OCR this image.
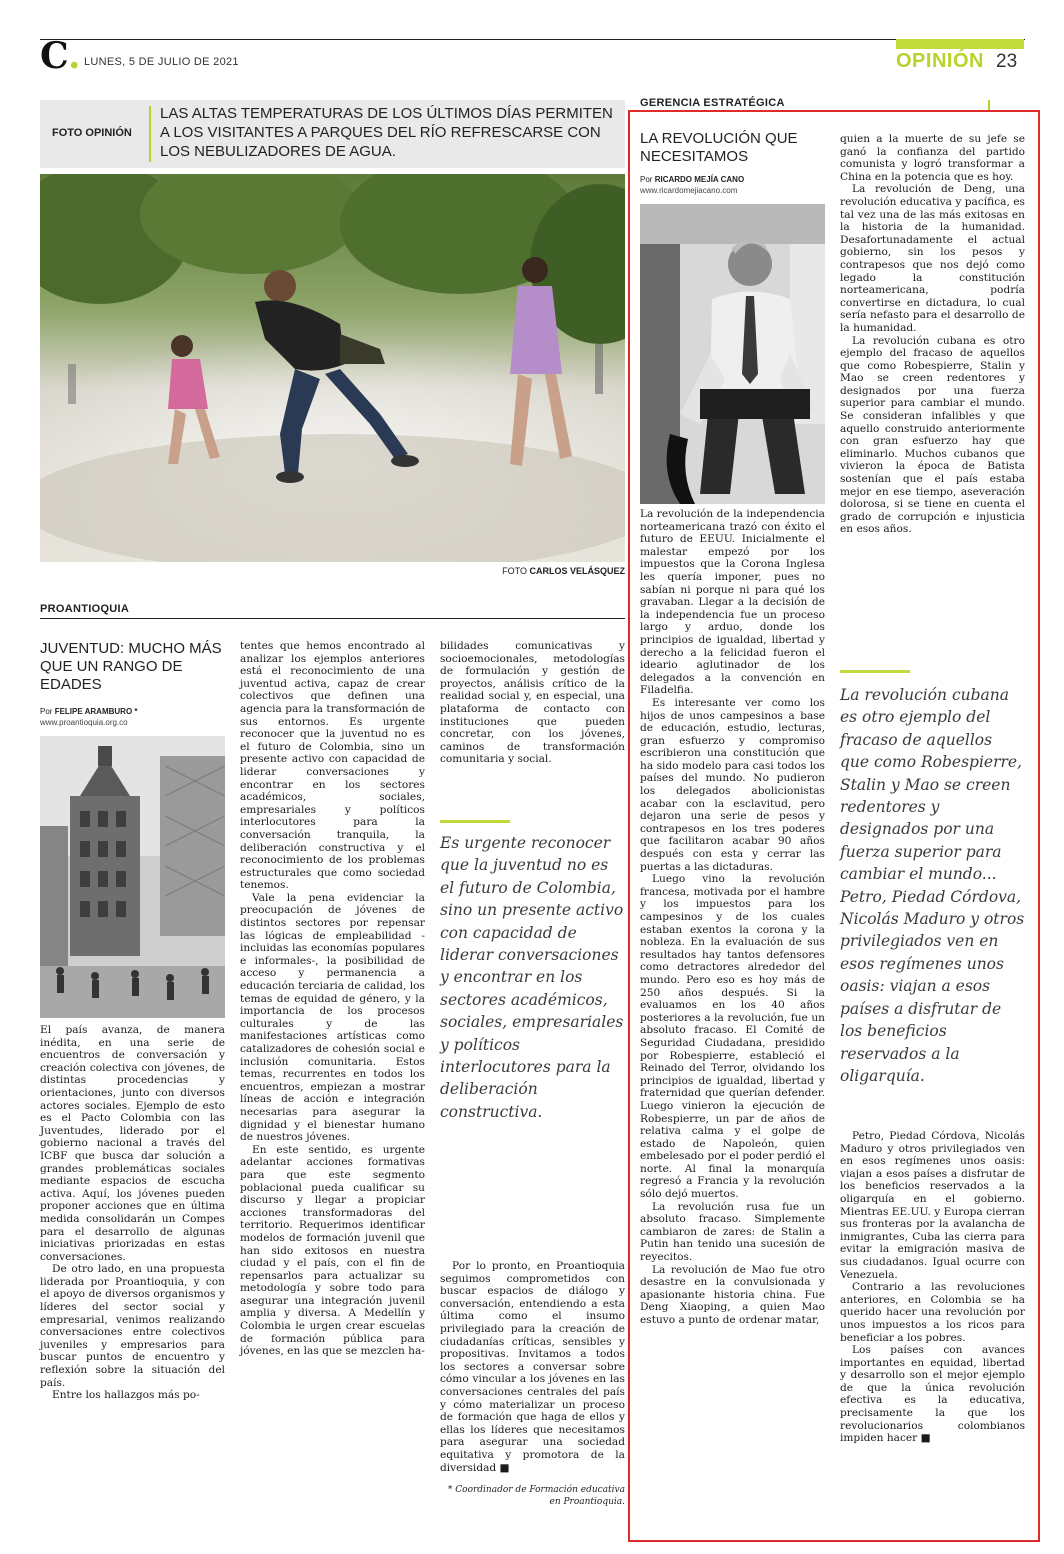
C. LUNES, 5 DE JULIO DE 2021	OPINIÓN 23
FOTO OPINIÓN
LAS ALTAS TEMPERATURAS DE LOS ÚLTIMOS DÍAS PERMITEN A LOS VISITANTES A PARQUES DEL RÍO REFRESCARSE CON LOS NEBULIZADORES DE AGUA.
FOTO CARLOS VELÁSQUEZ
PROANTIOQUIA
JUVENTUD: MUCHO MÁS QUE UN RANGO DE EDADES
Por FELIPE ARAMBURO *
www.proantioquia.org.co

El país avanza, de manera inédita, en una serie de encuentros de conversación y creación colectiva con jóvenes, de distintas procedencias y orientaciones, junto con diversos actores sociales. Ejemplo de esto es el Pacto Colombia con las Juventudes, liderado por el gobierno nacional a través del ICBF que busca dar solución a grandes problemáticas sociales mediante espacios de escucha activa. Aquí, los jóvenes pueden proponer acciones que en última medida consolidarán un Compes para el desarrollo de algunas iniciativas priorizadas en estas conversaciones.

De otro lado, en una propuesta liderada por Proantioquia, y con el apoyo de diversos organismos y líderes del sector social y empresarial, venimos realizando conversaciones entre colectivos juveniles y empresarios para buscar puntos de encuentro y reflexión sobre la situación del país.

Entre los hallazgos más po-

tentes que hemos encontrado al analizar los ejemplos anteriores está el reconocimiento de una juventud activa, capaz de crear colectivos que definen una agencia para la transformación de sus entornos. Es urgente reconocer que la juventud no es el futuro de Colombia, sino un presente activo con capacidad de liderar conversaciones y encontrar en los sectores académicos, sociales, empresariales y políticos interlocutores para la conversación tranquila, la deliberación constructiva y el reconocimiento de los problemas estructurales que como sociedad tenemos.

Vale la pena evidenciar la preocupación de jóvenes de distintos sectores por repensar las lógicas de empleabilidad -incluidas las economías populares e informales-, la posibilidad de acceso y permanencia a educación terciaria de calidad, los temas de equidad de género, y la importancia de los procesos culturales y de las manifestaciones artísticas como catalizadores de cohesión social e inclusión comunitaria. Estos temas, recurrentes en todos los encuentros, empiezan a mostrar líneas de acción e integración necesarias para asegurar la dignidad y el bienestar humano de nuestros jóvenes.

En este sentido, es urgente adelantar acciones formativas para que este segmento poblacional pueda cualificar su discurso y llegar a propiciar acciones transformadoras del territorio. Requerimos identificar modelos de formación juvenil que han sido exitosos en nuestra ciudad y el país, con el fin de repensarlos para actualizar su metodología y sobre todo para asegurar una integración juvenil amplia y diversa. A Medellín y Colombia le urgen crear escuelas de formación pública para jóvenes, en las que se mezclen ha-

bilidades comunicativas y socioemocionales, metodologías de formulación y gestión de proyectos, análisis crítico de la realidad social y, en especial, una plataforma de contacto con instituciones que pueden concretar, con los jóvenes, caminos de transformación comunitaria y social.

Es urgente reconocer que la juventud no es el futuro de Colombia, sino un presente activo con capacidad de liderar conversaciones y encontrar en los sectores académicos, sociales, empresariales y políticos interlocutores para la deliberación constructiva.

Por lo pronto, en Proantioquia seguimos comprometidos con buscar espacios de diálogo y conversación, entendiendo a esta última como el insumo privilegiado para la creación de ciudadanías críticas, sensibles y propositivas. Invitamos a todos los sectores a conversar sobre cómo vincular a los jóvenes en las conversaciones centrales del país y cómo materializar un proceso de formación que haga de ellos y ellas los líderes que necesitamos para asegurar una sociedad equitativa y promotora de la diversidad ■

* Coordinador de Formación educativa en Proantioquia.
GERENCIA ESTRATÉGICA
LA REVOLUCIÓN QUE NECESITAMOS
Por RICARDO MEJÍA CANO
www.ricardomejiacano.com

La revolución de la independencia norteamericana trazó con éxito el futuro de EEUU. Inicialmente el malestar empezó por los impuestos que la Corona Inglesa les quería imponer, pues no sabían ni porque ni para qué los gravaban. Llegar a la decisión de la independencia fue un proceso largo y arduo, donde los principios de igualdad, libertad y derecho a la felicidad fueron el ideario aglutinador de los delegados a la convención en Filadelfia.

Es interesante ver como los hijos de unos campesinos a base de educación, estudio, lecturas, gran esfuerzo y compromiso escribieron una constitución que ha sido modelo para casi todos los países del mundo. No pudieron los delegados abolicionistas acabar con la esclavitud, pero dejaron una serie de pesos y contrapesos en los tres poderes que facilitaron acabar 90 años después con esta y cerrar las puertas a las dictaduras.

Luego vino la revolución francesa, motivada por el hambre y los impuestos para los campesinos y de los cuales estaban exentos la corona y la nobleza. En la evaluación de sus resultados hay tantos defensores como detractores alrededor del mundo. Pero eso es hoy más de 250 años después. Si la evaluamos en los 40 años posteriores a la revolución, fue un absoluto fracaso. El Comité de Seguridad Ciudadana, presidido por Robespierre, estableció el Reinado del Terror, olvidando los principios de igualdad, libertad y fraternidad que querían defender. Luego vinieron la ejecución de Robespierre, un par de años de relativa calma y el golpe de estado de Napoleón, quien embelesado por el poder perdió el norte. Al final la monarquía regresó a Francia y la revolución sólo dejó muertos.

La revolución rusa fue un absoluto fracaso. Simplemente cambiaron de zares: de Stalin a Putin han tenido una sucesión de reyecitos.

La revolución de Mao fue otro desastre en la convulsionada y apasionante historia china. Fue Deng Xiaoping, a quien Mao estuvo a punto de ordenar matar,

quien a la muerte de su jefe se ganó la confianza del partido comunista y logró transformar a China en la potencia que es hoy.

La revolución de Deng, una revolución educativa y pacífica, es tal vez una de las más exitosas en la historia de la humanidad. Desafortunadamente el actual gobierno, sin los pesos y contrapesos que nos dejó como legado la constitución norteamericana, podría convertirse en dictadura, lo cual sería nefasto para el desarrollo de la humanidad.

La revolución cubana es otro ejemplo del fracaso de aquellos que como Robespierre, Stalin y Mao se creen redentores y designados por una fuerza superior para cambiar el mundo. Se consideran infalibles y que aquello construido anteriormente con gran esfuerzo hay que eliminarlo. Muchos cubanos que vivieron la época de Batista sostenían que el país estaba mejor en ese tiempo, aseveración dolorosa, si se tiene en cuenta el grado de corrupción e injusticia en esos años.

La revolución cubana es otro ejemplo del fracaso de aquellos que como Robespierre, Stalin y Mao se creen redentores y designados por una fuerza superior para cambiar el mundo... Petro, Piedad Córdova, Nicolás Maduro y otros privilegiados ven en esos regímenes unos oasis: viajan a esos países a disfrutar de los beneficios reservados a la oligarquía.

Petro, Piedad Córdova, Nicolás Maduro y otros privilegiados ven en esos regímenes unos oasis: viajan a esos países a disfrutar de los beneficios reservados a la oligarquía en el gobierno. Mientras EE.UU. y Europa cierran sus fronteras por la avalancha de inmigrantes, Cuba las cierra para evitar la emigración masiva de sus ciudadanos. Igual ocurre con Venezuela.

Contrario a las revoluciones anteriores, en Colombia se ha querido hacer una revolución por unos impuestos a los ricos para beneficiar a los pobres.

Los países con avances importantes en equidad, libertad y desarrollo son el mejor ejemplo de que la única revolución efectiva es la educativa, precisamente la que los revolucionarios colombianos impiden hacer ■
